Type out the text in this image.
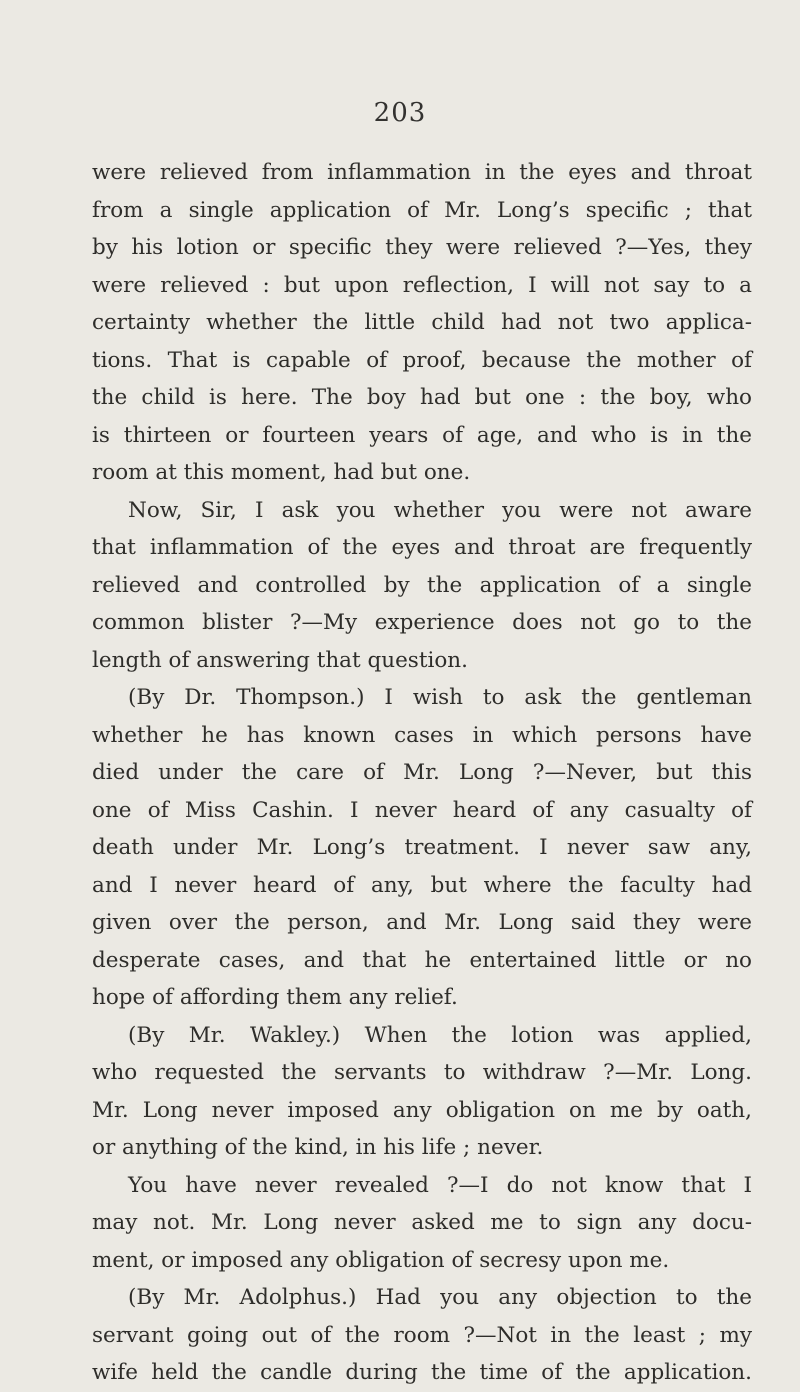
203
were relieved from inflammation in the eyes and throat
from a single application of Mr. Long’s specific ; that
by his lotion or specific they were relieved ?—Yes, they
were relieved : but upon reflection, I will not say to a
certainty whether the little child had not two applica-
tions. That is capable of proof, because the mother of
the child is here. The boy had but one : the boy, who
is thirteen or fourteen years of age, and who is in the
room at this moment, had but one.
Now, Sir, I ask you whether you were not aware
that inflammation of the eyes and throat are frequently
relieved and controlled by the application of a single
common blister ?—My experience does not go to the
length of answering that question.
(By Dr. Thompson.) I wish to ask the gentleman
whether he has known cases in which persons have
died under the care of Mr. Long ?—Never, but this
one of Miss Cashin. I never heard of any casualty of
death under Mr. Long’s treatment. I never saw any,
and I never heard of any, but where the faculty had
given over the person, and Mr. Long said they were
desperate cases, and that he entertained little or no
hope of affording them any relief.
(By Mr. Wakley.) When the lotion was applied,
who requested the servants to withdraw ?—Mr. Long.
Mr. Long never imposed any obligation on me by oath,
or anything of the kind, in his life ; never.
You have never revealed ?—I do not know that I
may not. Mr. Long never asked me to sign any docu-
ment, or imposed any obligation of secresy upon me.
(By Mr. Adolphus.) Had you any objection to the
servant going out of the room ?—Not in the least ; my
wife held the candle during the time of the application.
